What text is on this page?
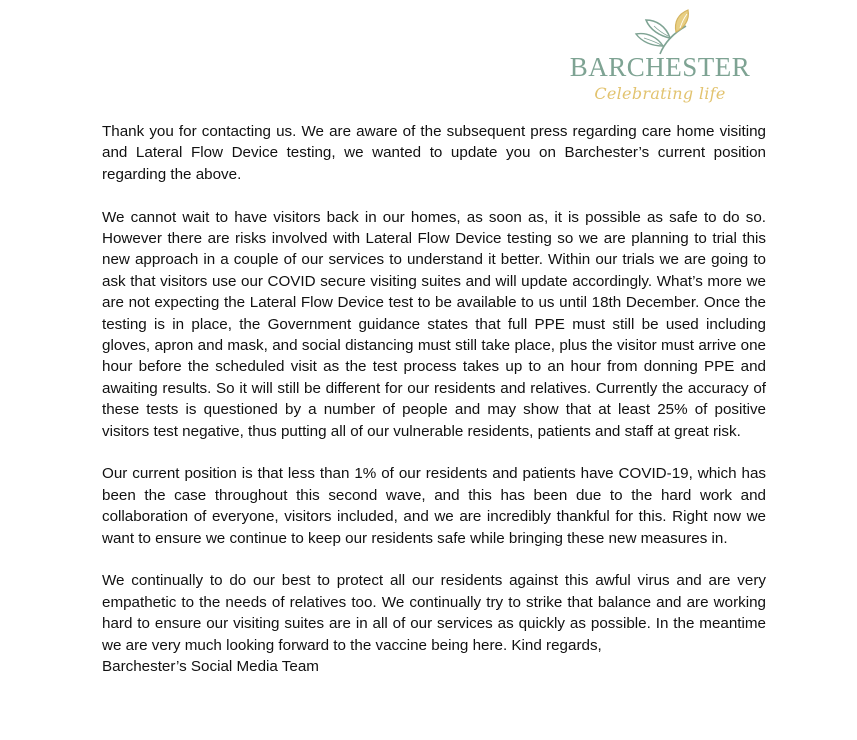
BARCHESTER
Celebrating life

Thank you for contacting us. We are aware of the subsequent press regarding care home visiting and Lateral Flow Device testing, we wanted to update you on Barchester’s current position regarding the above.

We cannot wait to have visitors back in our homes, as soon as, it is possible as safe to do so. However there are risks involved with Lateral Flow Device testing so we are planning to trial this new approach in a couple of our services to understand it better. Within our trials we are going to ask that visitors use our COVID secure visiting suites and will update accordingly. What’s more we are not expecting the Lateral Flow Device test to be available to us until 18th December. Once the testing is in place, the Government guidance states that full PPE must still be used including gloves, apron and mask, and social distancing must still take place, plus the visitor must arrive one hour before the scheduled visit as the test process takes up to an hour from donning PPE and awaiting results. So it will still be different for our residents and relatives. Currently the accuracy of these tests is questioned by a number of people and may show that at least 25% of positive visitors test negative, thus putting all of our vulnerable residents, patients and staff at great risk.

Our current position is that less than 1% of our residents and patients have COVID-19, which has been the case throughout this second wave, and this has been due to the hard work and collaboration of everyone, visitors included, and we are incredibly thankful for this. Right now we want to ensure we continue to keep our residents safe while bringing these new measures in.

We continually to do our best to protect all our residents against this awful virus and are very empathetic to the needs of relatives too. We continually try to strike that balance and are working hard to ensure our visiting suites are in all of our services as quickly as possible. In the meantime we are very much looking forward to the vaccine being here. Kind regards,

Barchester’s Social Media Team
